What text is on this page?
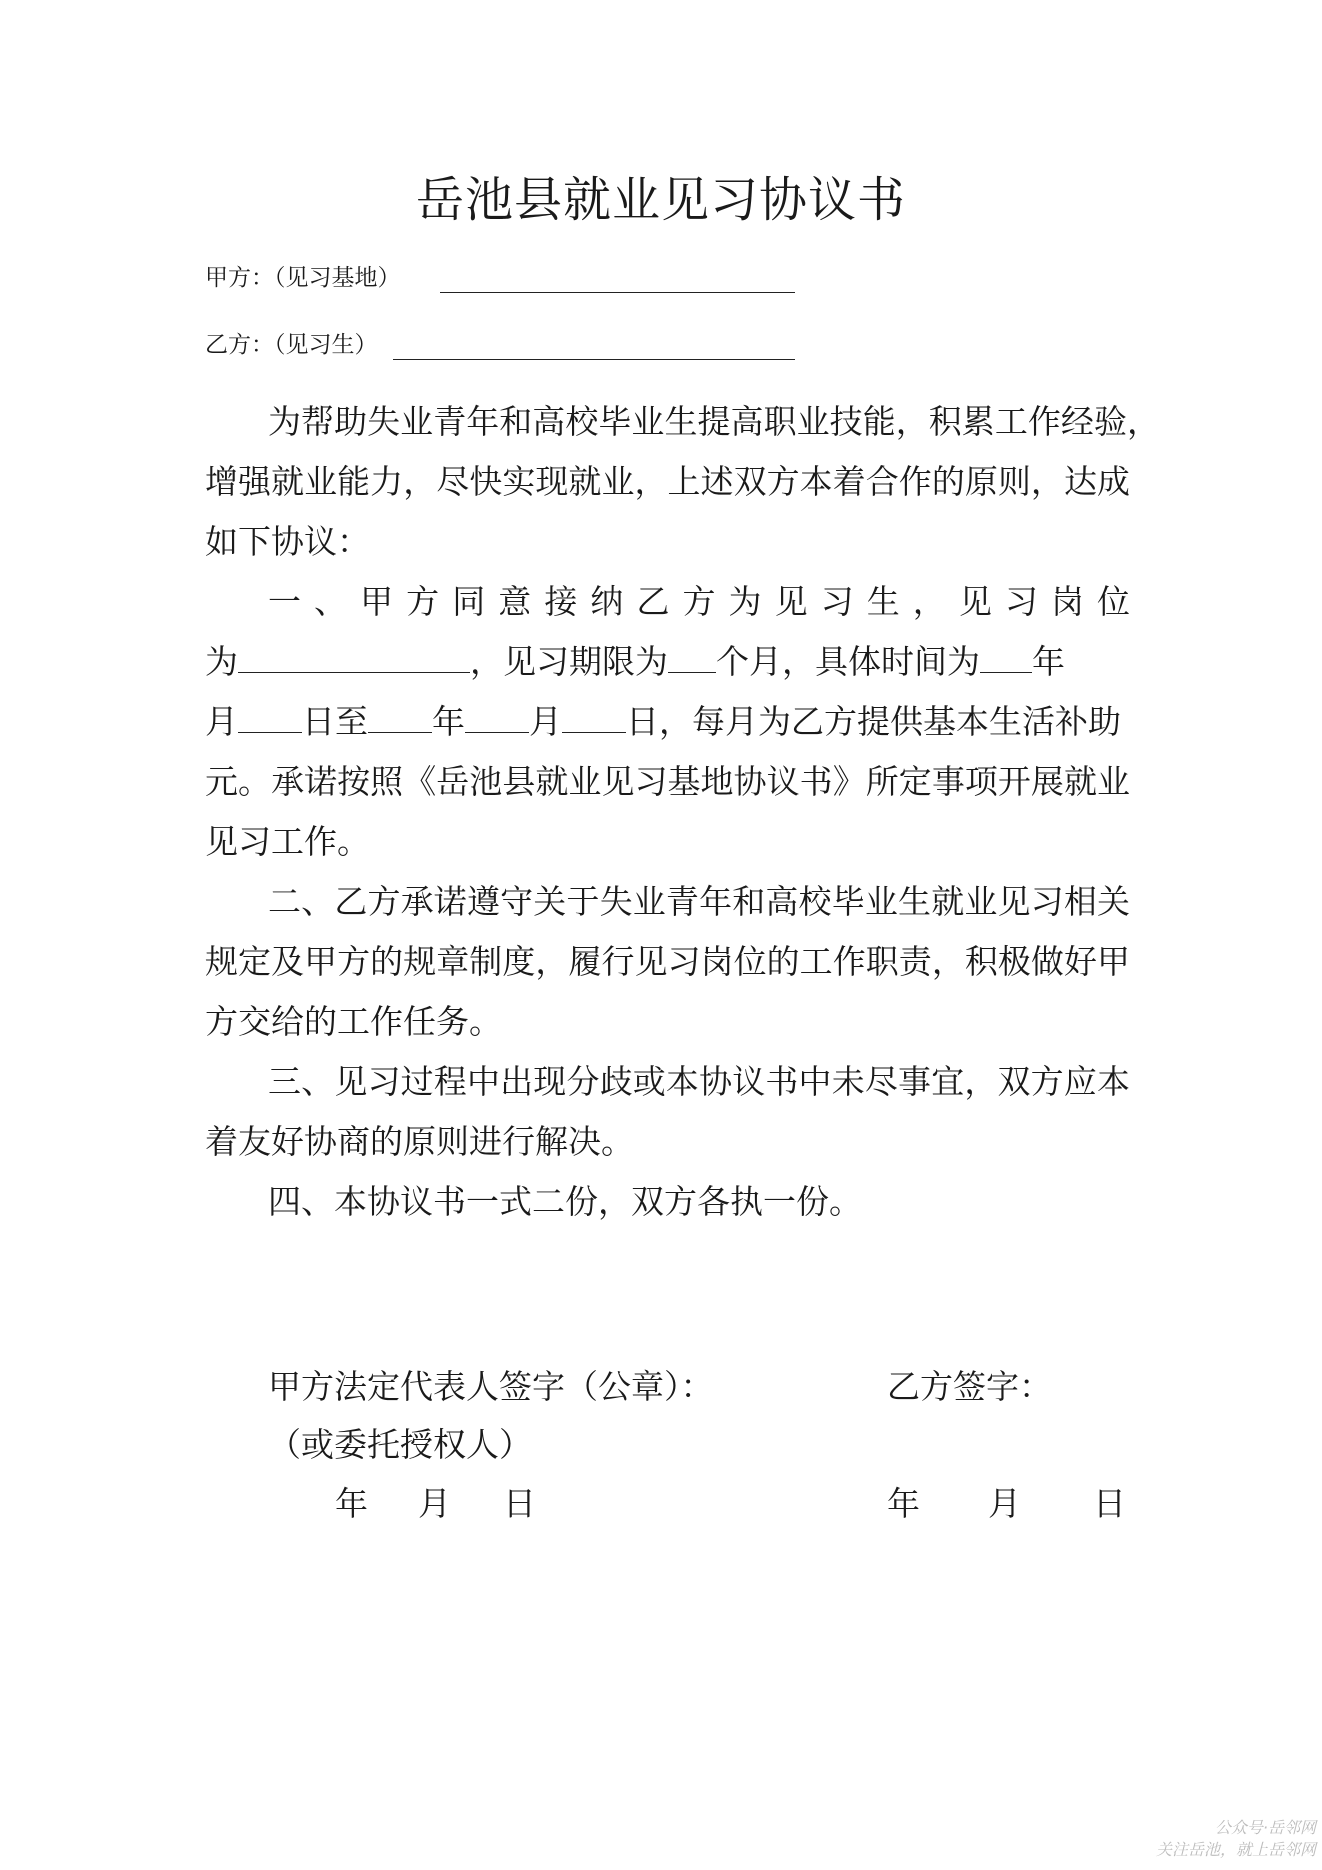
岳池县就业见习协议书
甲方：（见习基地）
乙方：（见习生）
为帮助失业青年和高校毕业生提高职业技能，积累工作经验，
增强就业能力，尽快实现就业，上述双方本着合作的原则，达成
如下协议：
一、甲方同意接纳乙方为见习生，见习岗位
为	，见习期限为 个月，具体时间为 年
月 日至 年 月 日，每月为乙方提供基本生活补助
元。承诺按照《岳池县就业见习基地协议书》所定事项开展就业
见习工作。
二、乙方承诺遵守关于失业青年和高校毕业生就业见习相关
规定及甲方的规章制度，履行见习岗位的工作职责，积极做好甲
方交给的工作任务。
三、见习过程中出现分歧或本协议书中未尽事宜，双方应本
着友好协商的原则进行解决。
四、本协议书一式二份，双方各执一份。
甲方法定代表人签字（公章）：
（或委托授权人）
乙方签字：
年 月 日	年 月 日
公众号·岳邻网
关注岳池，就上岳邻网
